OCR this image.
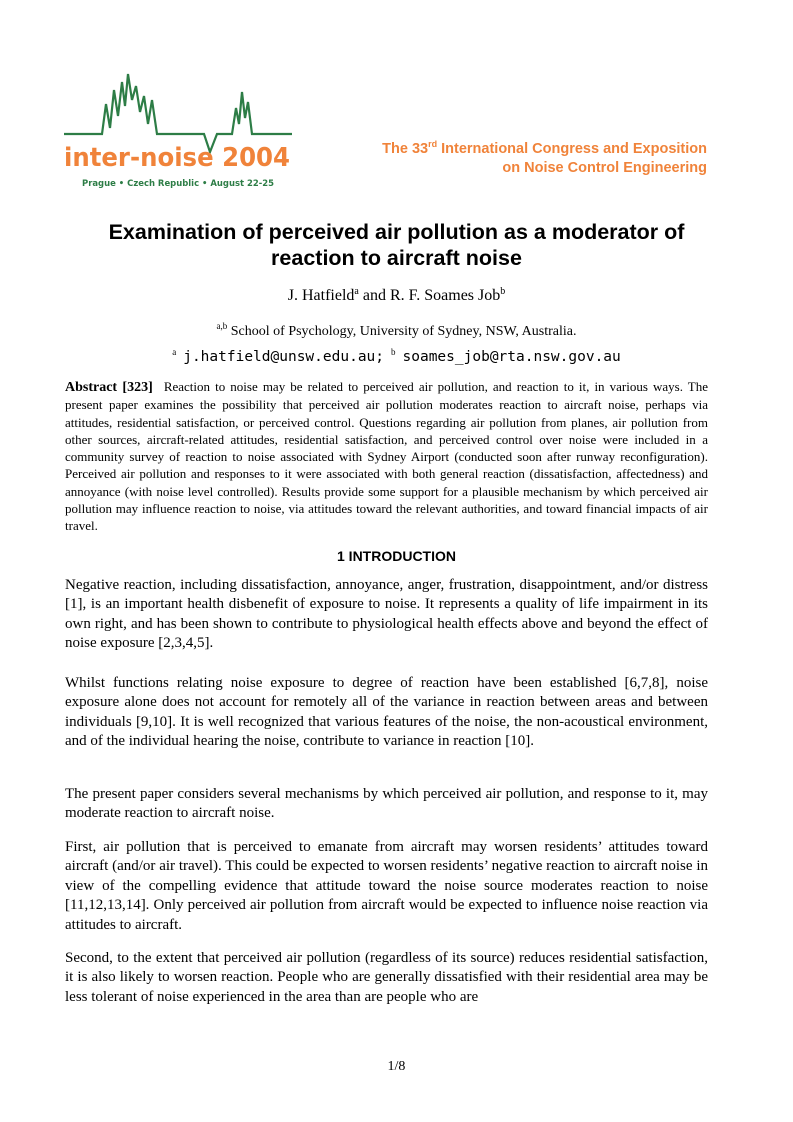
inter-noise 2004
Prague • Czech Republic • August 22-25
The 33rd International Congress and Exposition
on Noise Control Engineering
Examination of perceived air pollution as a moderator of reaction to aircraft noise
J. Hatfield$^a$ and R. F. Soames Job$^b$
$^{a,b}$ School of Psychology, University of Sydney, NSW, Australia.
$^a$ j.hatfield@unsw.edu.au; $^b$ soames_job@rta.nsw.gov.au

Abstract [323] Reaction to noise may be related to perceived air pollution, and reaction to it, in various ways. The present paper examines the possibility that perceived air pollution moderates reaction to aircraft noise, perhaps via attitudes, residential satisfaction, or perceived control. Questions regarding air pollution from planes, air pollution from other sources, aircraft-related attitudes, residential satisfaction, and perceived control over noise were included in a community survey of reaction to noise associated with Sydney Airport (conducted soon after runway reconfiguration). Perceived air pollution and responses to it were associated with both general reaction (dissatisfaction, affectedness) and annoyance (with noise level controlled). Results provide some support for a plausible mechanism by which perceived air pollution may influence reaction to noise, via attitudes toward the relevant authorities, and toward financial impacts of air travel.

1 INTRODUCTION

Negative reaction, including dissatisfaction, annoyance, anger, frustration, disappointment, and/or distress [1], is an important health disbenefit of exposure to noise. It represents a quality of life impairment in its own right, and has been shown to contribute to physiological health effects above and beyond the effect of noise exposure [2,3,4,5].

Whilst functions relating noise exposure to degree of reaction have been established [6,7,8], noise exposure alone does not account for remotely all of the variance in reaction between areas and between individuals [9,10]. It is well recognized that various features of the noise, the non-acoustical environment, and of the individual hearing the noise, contribute to variance in reaction [10].

The present paper considers several mechanisms by which perceived air pollution, and response to it, may moderate reaction to aircraft noise.

First, air pollution that is perceived to emanate from aircraft may worsen residents’ attitudes toward aircraft (and/or air travel). This could be expected to worsen residents’ negative reaction to aircraft noise in view of the compelling evidence that attitude toward the noise source moderates reaction to noise [11,12,13,14]. Only perceived air pollution from aircraft would be expected to influence noise reaction via attitudes to aircraft.

Second, to the extent that perceived air pollution (regardless of its source) reduces residential satisfaction, it is also likely to worsen reaction. People who are generally dissatisfied with their residential area may be less tolerant of noise experienced in the area than are people who are

1/8
